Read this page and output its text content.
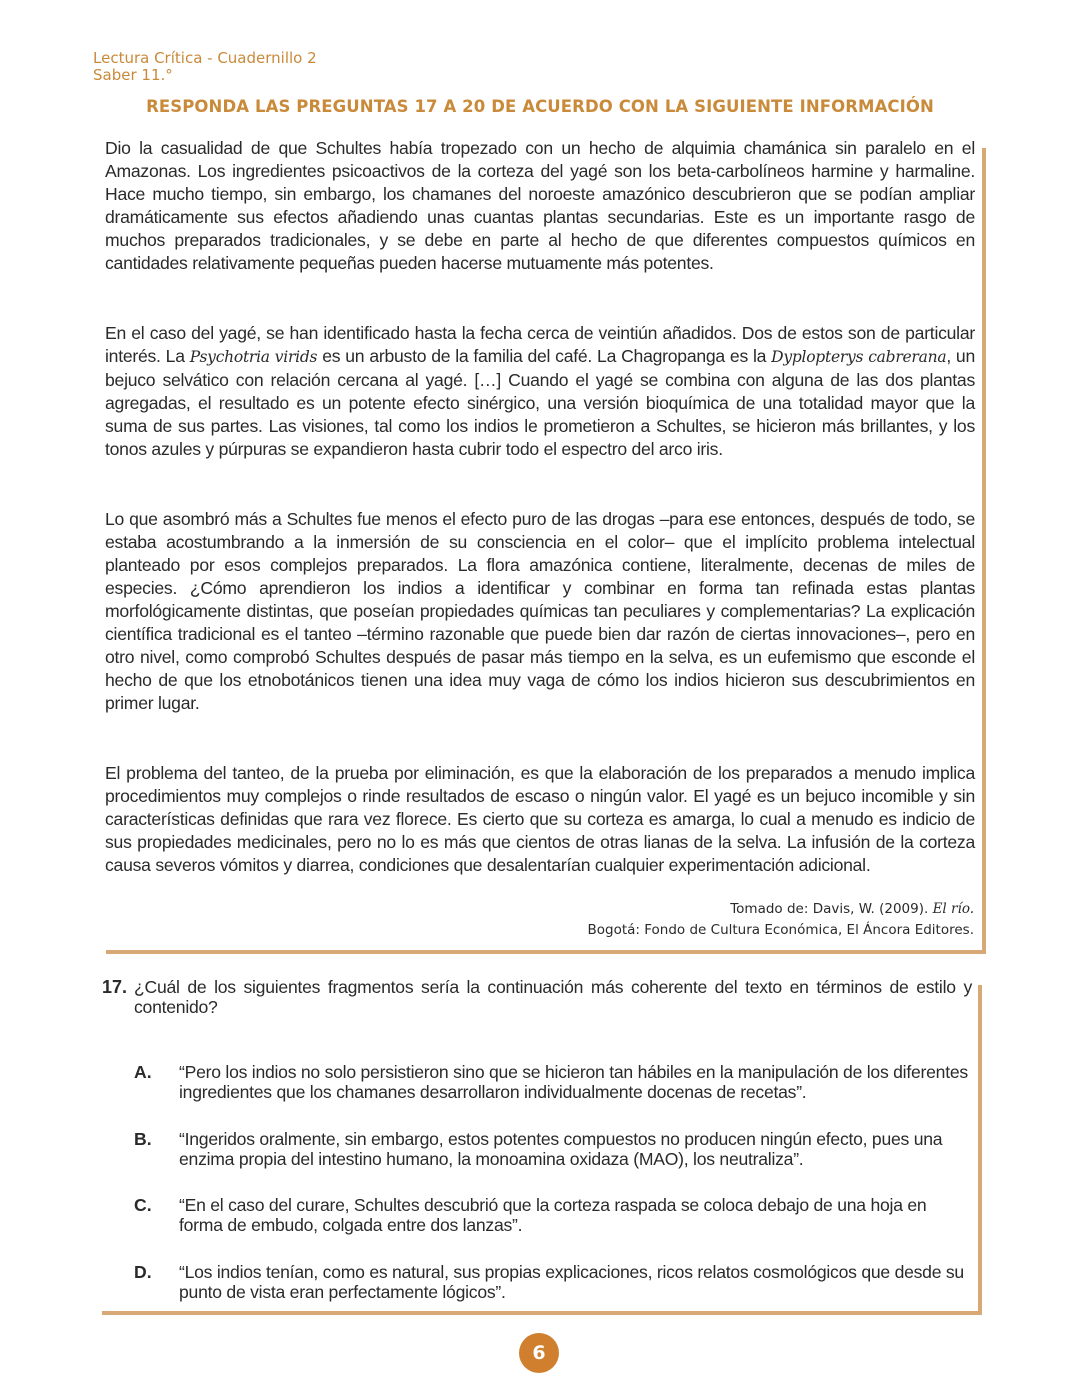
Lectura Crítica - Cuadernillo 2
Saber 11.°
RESPONDA LAS PREGUNTAS 17 A 20 DE ACUERDO CON LA SIGUIENTE INFORMACIÓN

Dio la casualidad de que Schultes había tropezado con un hecho de alquimia chamánica sin paralelo en el Amazonas. Los ingredientes psicoactivos de la corteza del yagé son los beta-carbolíneos harmine y harmaline. Hace mucho tiempo, sin embargo, los chamanes del noroeste amazónico descubrieron que se podían ampliar dramáticamente sus efectos añadiendo unas cuantas plantas secundarias. Este es un importante rasgo de muchos preparados tradicionales, y se debe en parte al hecho de que diferentes compuestos químicos en cantidades relativamente pequeñas pueden hacerse mutuamente más potentes.

En el caso del yagé, se han identificado hasta la fecha cerca de veintiún añadidos. Dos de estos son de particular interés. La Psychotria virids es un arbusto de la familia del café. La Chagropanga es la Dyplopterys cabrerana, un bejuco selvático con relación cercana al yagé. […] Cuando el yagé se combina con alguna de las dos plantas agregadas, el resultado es un potente efecto sinérgico, una versión bioquímica de una totalidad mayor que la suma de sus partes. Las visiones, tal como los indios le prometieron a Schultes, se hicieron más brillantes, y los tonos azules y púrpuras se expandieron hasta cubrir todo el espectro del arco iris.

Lo que asombró más a Schultes fue menos el efecto puro de las drogas –para ese entonces, después de todo, se estaba acostumbrando a la inmersión de su consciencia en el color– que el implícito problema intelectual planteado por esos complejos preparados. La flora amazónica contiene, literalmente, decenas de miles de especies. ¿Cómo aprendieron los indios a identificar y combinar en forma tan refinada estas plantas morfológicamente distintas, que poseían propiedades químicas tan peculiares y complementarias? La explicación científica tradicional es el tanteo –término razonable que puede bien dar razón de ciertas innovaciones–, pero en otro nivel, como comprobó Schultes después de pasar más tiempo en la selva, es un eufemismo que esconde el hecho de que los etnobotánicos tienen una idea muy vaga de cómo los indios hicieron sus descubrimientos en primer lugar.

El problema del tanteo, de la prueba por eliminación, es que la elaboración de los preparados a menudo implica procedimientos muy complejos o rinde resultados de escaso o ningún valor. El yagé es un bejuco incomible y sin características definidas que rara vez florece. Es cierto que su corteza es amarga, lo cual a menudo es indicio de sus propiedades medicinales, pero no lo es más que cientos de otras lianas de la selva. La infusión de la corteza causa severos vómitos y diarrea, condiciones que desalentarían cualquier experimentación adicional.

Tomado de: Davis, W. (2009). El río.
Bogotá: Fondo de Cultura Económica, El Áncora Editores.
17. ¿Cuál de los siguientes fragmentos sería la continuación más coherente del texto en términos de estilo y contenido?
A. “Pero los indios no solo persistieron sino que se hicieron tan hábiles en la manipulación de los diferentes ingredientes que los chamanes desarrollaron individualmente docenas de recetas”.
B. “Ingeridos oralmente, sin embargo, estos potentes compuestos no producen ningún efecto, pues una enzima propia del intestino humano, la monoamina oxidaza (MAO), los neutraliza”.
C. “En el caso del curare, Schultes descubrió que la corteza raspada se coloca debajo de una hoja en forma de embudo, colgada entre dos lanzas”.
D. “Los indios tenían, como es natural, sus propias explicaciones, ricos relatos cosmológicos que desde su punto de vista eran perfectamente lógicos”.
6
